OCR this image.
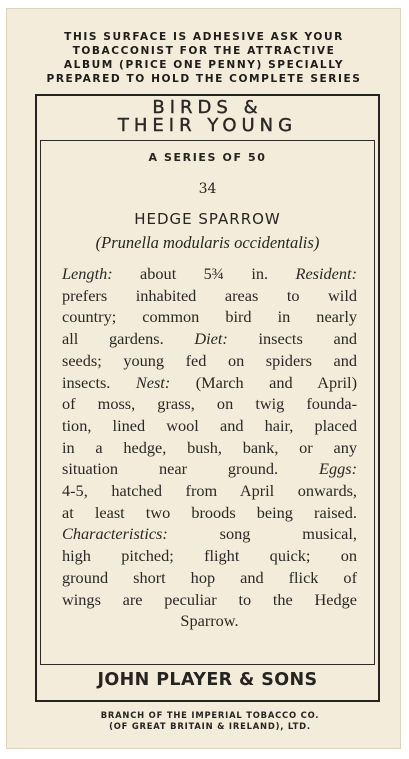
THIS SURFACE IS ADHESIVE ASK YOUR
TOBACCONIST FOR THE ATTRACTIVE
ALBUM (PRICE ONE PENNY) SPECIALLY
PREPARED TO HOLD THE COMPLETE SERIES
BIRDS &
THEIR YOUNG
A SERIES OF 50
34
HEDGE SPARROW
(Prunella modularis occidentalis)
Length: about 5¾ in. Resident:
prefers inhabited areas to wild
country; common bird in nearly
all gardens. Diet: insects and
seeds; young fed on spiders and
insects. Nest: (March and April)
of moss, grass, on twig founda-
tion, lined wool and hair, placed
in a hedge, bush, bank, or any
situation near ground. Eggs:
4-5, hatched from April onwards,
at least two broods being raised.
Characteristics: song musical,
high pitched; flight quick; on
ground short hop and flick of
wings are peculiar to the Hedge
Sparrow.
JOHN PLAYER & SONS
BRANCH OF THE IMPERIAL TOBACCO CO.
(OF GREAT BRITAIN & IRELAND), LTD.
